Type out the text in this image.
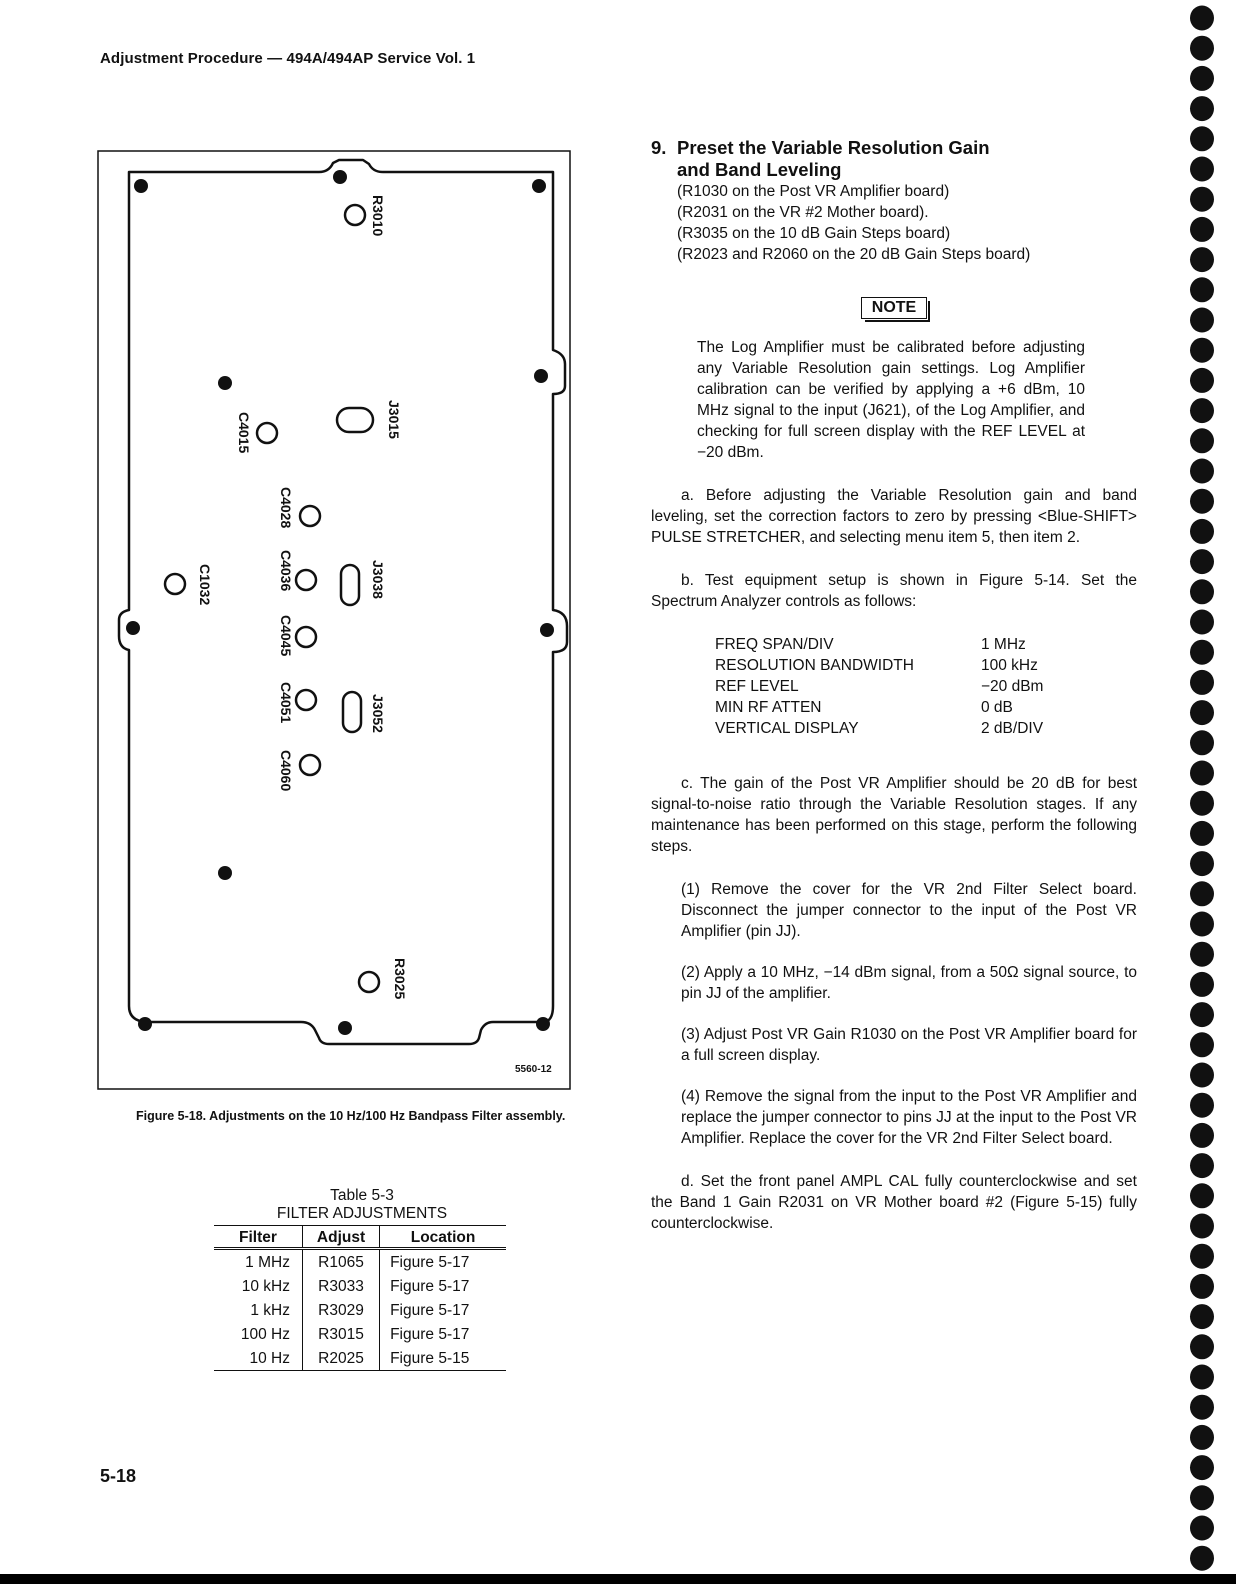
Adjustment Procedure — 494A/494AP Service Vol. 1
R3010
J3015
C4015
C4028
C4036
C4045
C4051
C4060
J3038
J3052
C1032
R3025
5560-12
Figure 5-18. Adjustments on the 10 Hz/100 Hz Bandpass Filter assembly.
Table 5-3
FILTER ADJUSTMENTS
Filter	Adjust	Location
1 MHz	R1065	Figure 5-17
10 kHz	R3033	Figure 5-17
1 kHz	R3029	Figure 5-17
100 Hz	R3015	Figure 5-17
10 Hz	R2025	Figure 5-15
9. Preset the Variable Resolution Gain
and Band Leveling
(R1030 on the Post VR Amplifier board)
(R2031 on the VR #2 Mother board).
(R3035 on the 10 dB Gain Steps board)
(R2023 and R2060 on the 20 dB Gain Steps board)
NOTE
The Log Amplifier must be calibrated before adjusting any Variable Resolution gain settings. Log Amplifier calibration can be verified by applying a +6 dBm, 10 MHz signal to the input (J621), of the Log Amplifier, and checking for full screen display with the REF LEVEL at −20 dBm.

a. Before adjusting the Variable Resolution gain and band leveling, set the correction factors to zero by pressing <Blue-SHIFT> PULSE STRETCHER, and selecting menu item 5, then item 2.

b. Test equipment setup is shown in Figure 5-14. Set the Spectrum Analyzer controls as follows:

FREQ SPAN/DIV	1 MHz
RESOLUTION BANDWIDTH	100 kHz
REF LEVEL	−20 dBm
MIN RF ATTEN	0 dB
VERTICAL DISPLAY	2 dB/DIV

c. The gain of the Post VR Amplifier should be 20 dB for best signal-to-noise ratio through the Variable Resolution stages. If any maintenance has been performed on this stage, perform the following steps.

(1) Remove the cover for the VR 2nd Filter Select board. Disconnect the jumper connector to the input of the Post VR Amplifier (pin JJ).

(2) Apply a 10 MHz, −14 dBm signal, from a 50Ω signal source, to pin JJ of the amplifier.

(3) Adjust Post VR Gain R1030 on the Post VR Amplifier board for a full screen display.

(4) Remove the signal from the input to the Post VR Amplifier and replace the jumper connector to pins JJ at the input to the Post VR Amplifier. Replace the cover for the VR 2nd Filter Select board.

d. Set the front panel AMPL CAL fully counterclockwise and set the Band 1 Gain R2031 on VR Mother board #2 (Figure 5-15) fully counterclockwise.

5-18
